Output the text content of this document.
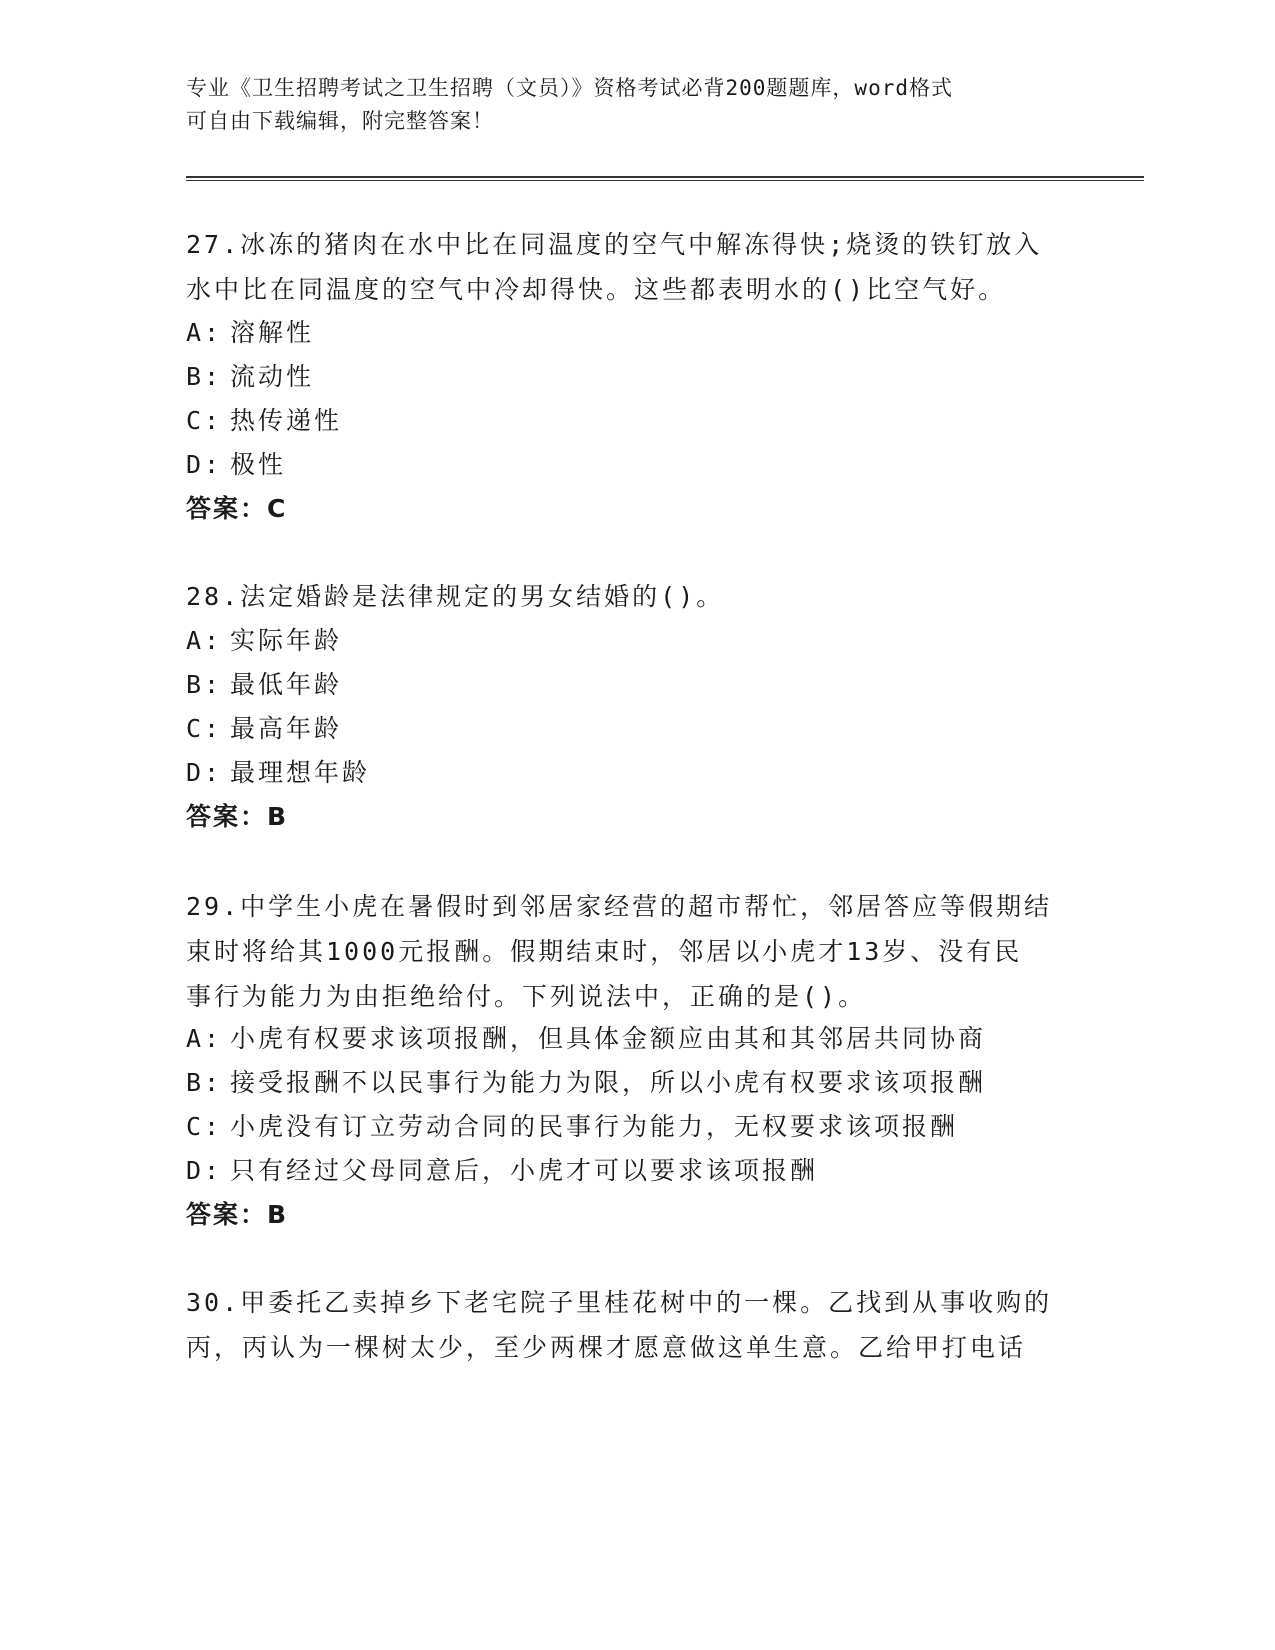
专业《卫生招聘考试之卫生招聘（文员）》资格考试必背200题题库，word格式
可自由下载编辑，附完整答案！
27.冰冻的猪肉在水中比在同温度的空气中解冻得快;烧烫的铁钉放入
水中比在同温度的空气中冷却得快。这些都表明水的()比空气好。
A: 溶解性
B: 流动性
C: 热传递性
D: 极性
答案：C
28.法定婚龄是法律规定的男女结婚的()。
A: 实际年龄
B: 最低年龄
C: 最高年龄
D: 最理想年龄
答案：B
29.中学生小虎在暑假时到邻居家经营的超市帮忙，邻居答应等假期结
束时将给其1000元报酬。假期结束时，邻居以小虎才13岁、没有民
事行为能力为由拒绝给付。下列说法中，正确的是()。
A: 小虎有权要求该项报酬，但具体金额应由其和其邻居共同协商
B: 接受报酬不以民事行为能力为限，所以小虎有权要求该项报酬
C: 小虎没有订立劳动合同的民事行为能力，无权要求该项报酬
D: 只有经过父母同意后，小虎才可以要求该项报酬
答案：B
30.甲委托乙卖掉乡下老宅院子里桂花树中的一棵。乙找到从事收购的
丙，丙认为一棵树太少，至少两棵才愿意做这单生意。乙给甲打电话
